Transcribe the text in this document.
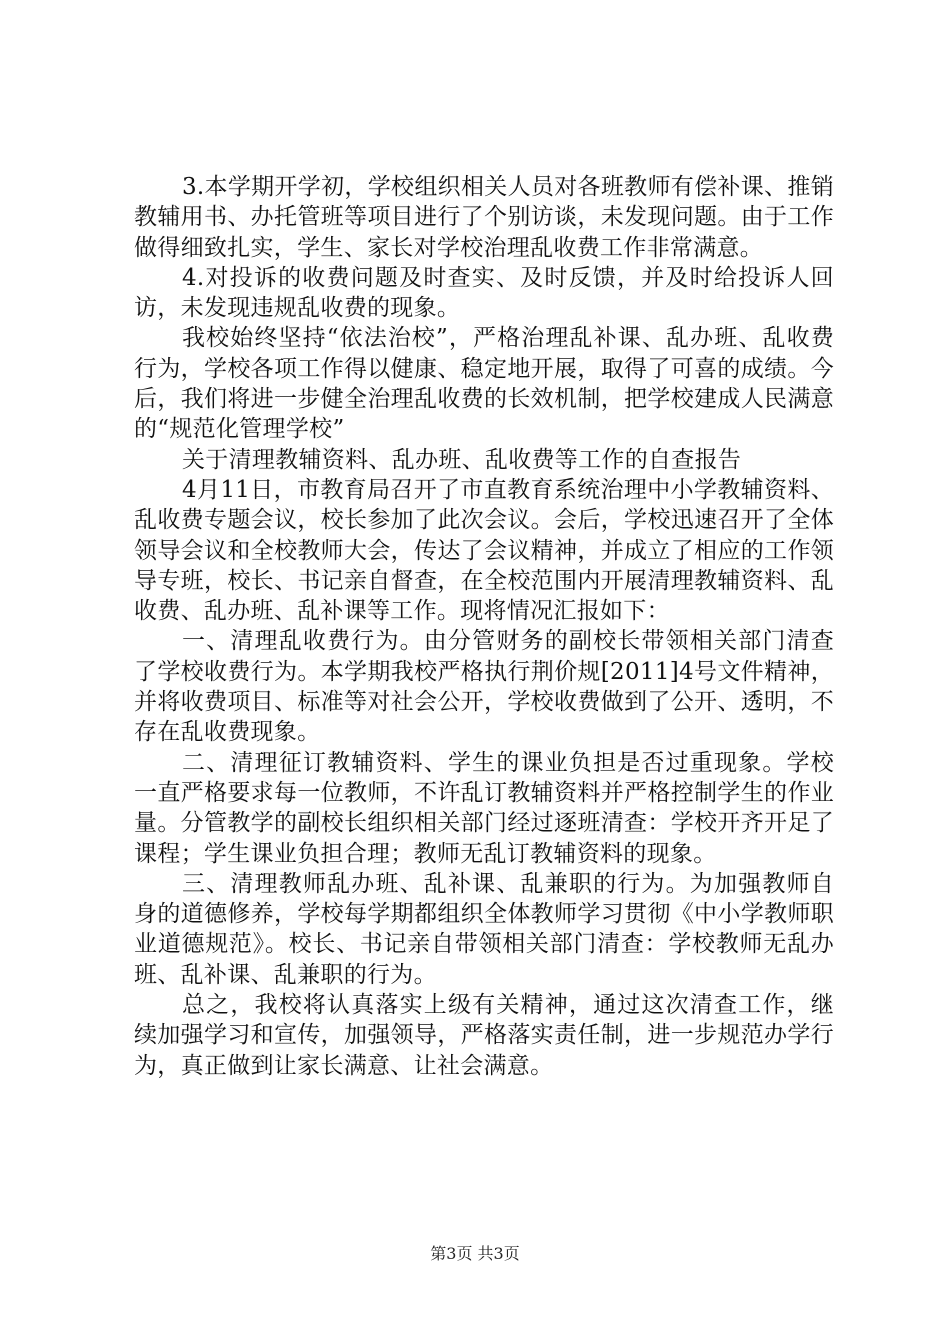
3.本学期开学初，学校组织相关人员对各班教师有偿补课、推销教辅用书、办托管班等项目进行了个别访谈，未发现问题。由于工作做得细致扎实，学生、家长对学校治理乱收费工作非常满意。

4.对投诉的收费问题及时查实、及时反馈，并及时给投诉人回访，未发现违规乱收费的现象。

我校始终坚持“依法治校”，严格治理乱补课、乱办班、乱收费行为，学校各项工作得以健康、稳定地开展，取得了可喜的成绩。今后，我们将进一步健全治理乱收费的长效机制，把学校建成人民满意的“规范化管理学校”

关于清理教辅资料、乱办班、乱收费等工作的自查报告

4月11日，市教育局召开了市直教育系统治理中小学教辅资料、乱收费专题会议，校长参加了此次会议。会后，学校迅速召开了全体领导会议和全校教师大会，传达了会议精神，并成立了相应的工作领导专班，校长、书记亲自督查，在全校范围内开展清理教辅资料、乱收费、乱办班、乱补课等工作。现将情况汇报如下：

一、清理乱收费行为。由分管财务的副校长带领相关部门清查了学校收费行为。本学期我校严格执行荆价规[2011]4号文件精神，并将收费项目、标准等对社会公开，学校收费做到了公开、透明，不存在乱收费现象。

二、清理征订教辅资料、学生的课业负担是否过重现象。学校一直严格要求每一位教师，不许乱订教辅资料并严格控制学生的作业量。分管教学的副校长组织相关部门经过逐班清查：学校开齐开足了课程；学生课业负担合理；教师无乱订教辅资料的现象。

三、清理教师乱办班、乱补课、乱兼职的行为。为加强教师自身的道德修养，学校每学期都组织全体教师学习贯彻《中小学教师职业道德规范》。校长、书记亲自带领相关部门清查：学校教师无乱办班、乱补课、乱兼职的行为。

总之，我校将认真落实上级有关精神，通过这次清查工作，继续加强学习和宣传，加强领导，严格落实责任制，进一步规范办学行为，真正做到让家长满意、让社会满意。

第3页 共3页
